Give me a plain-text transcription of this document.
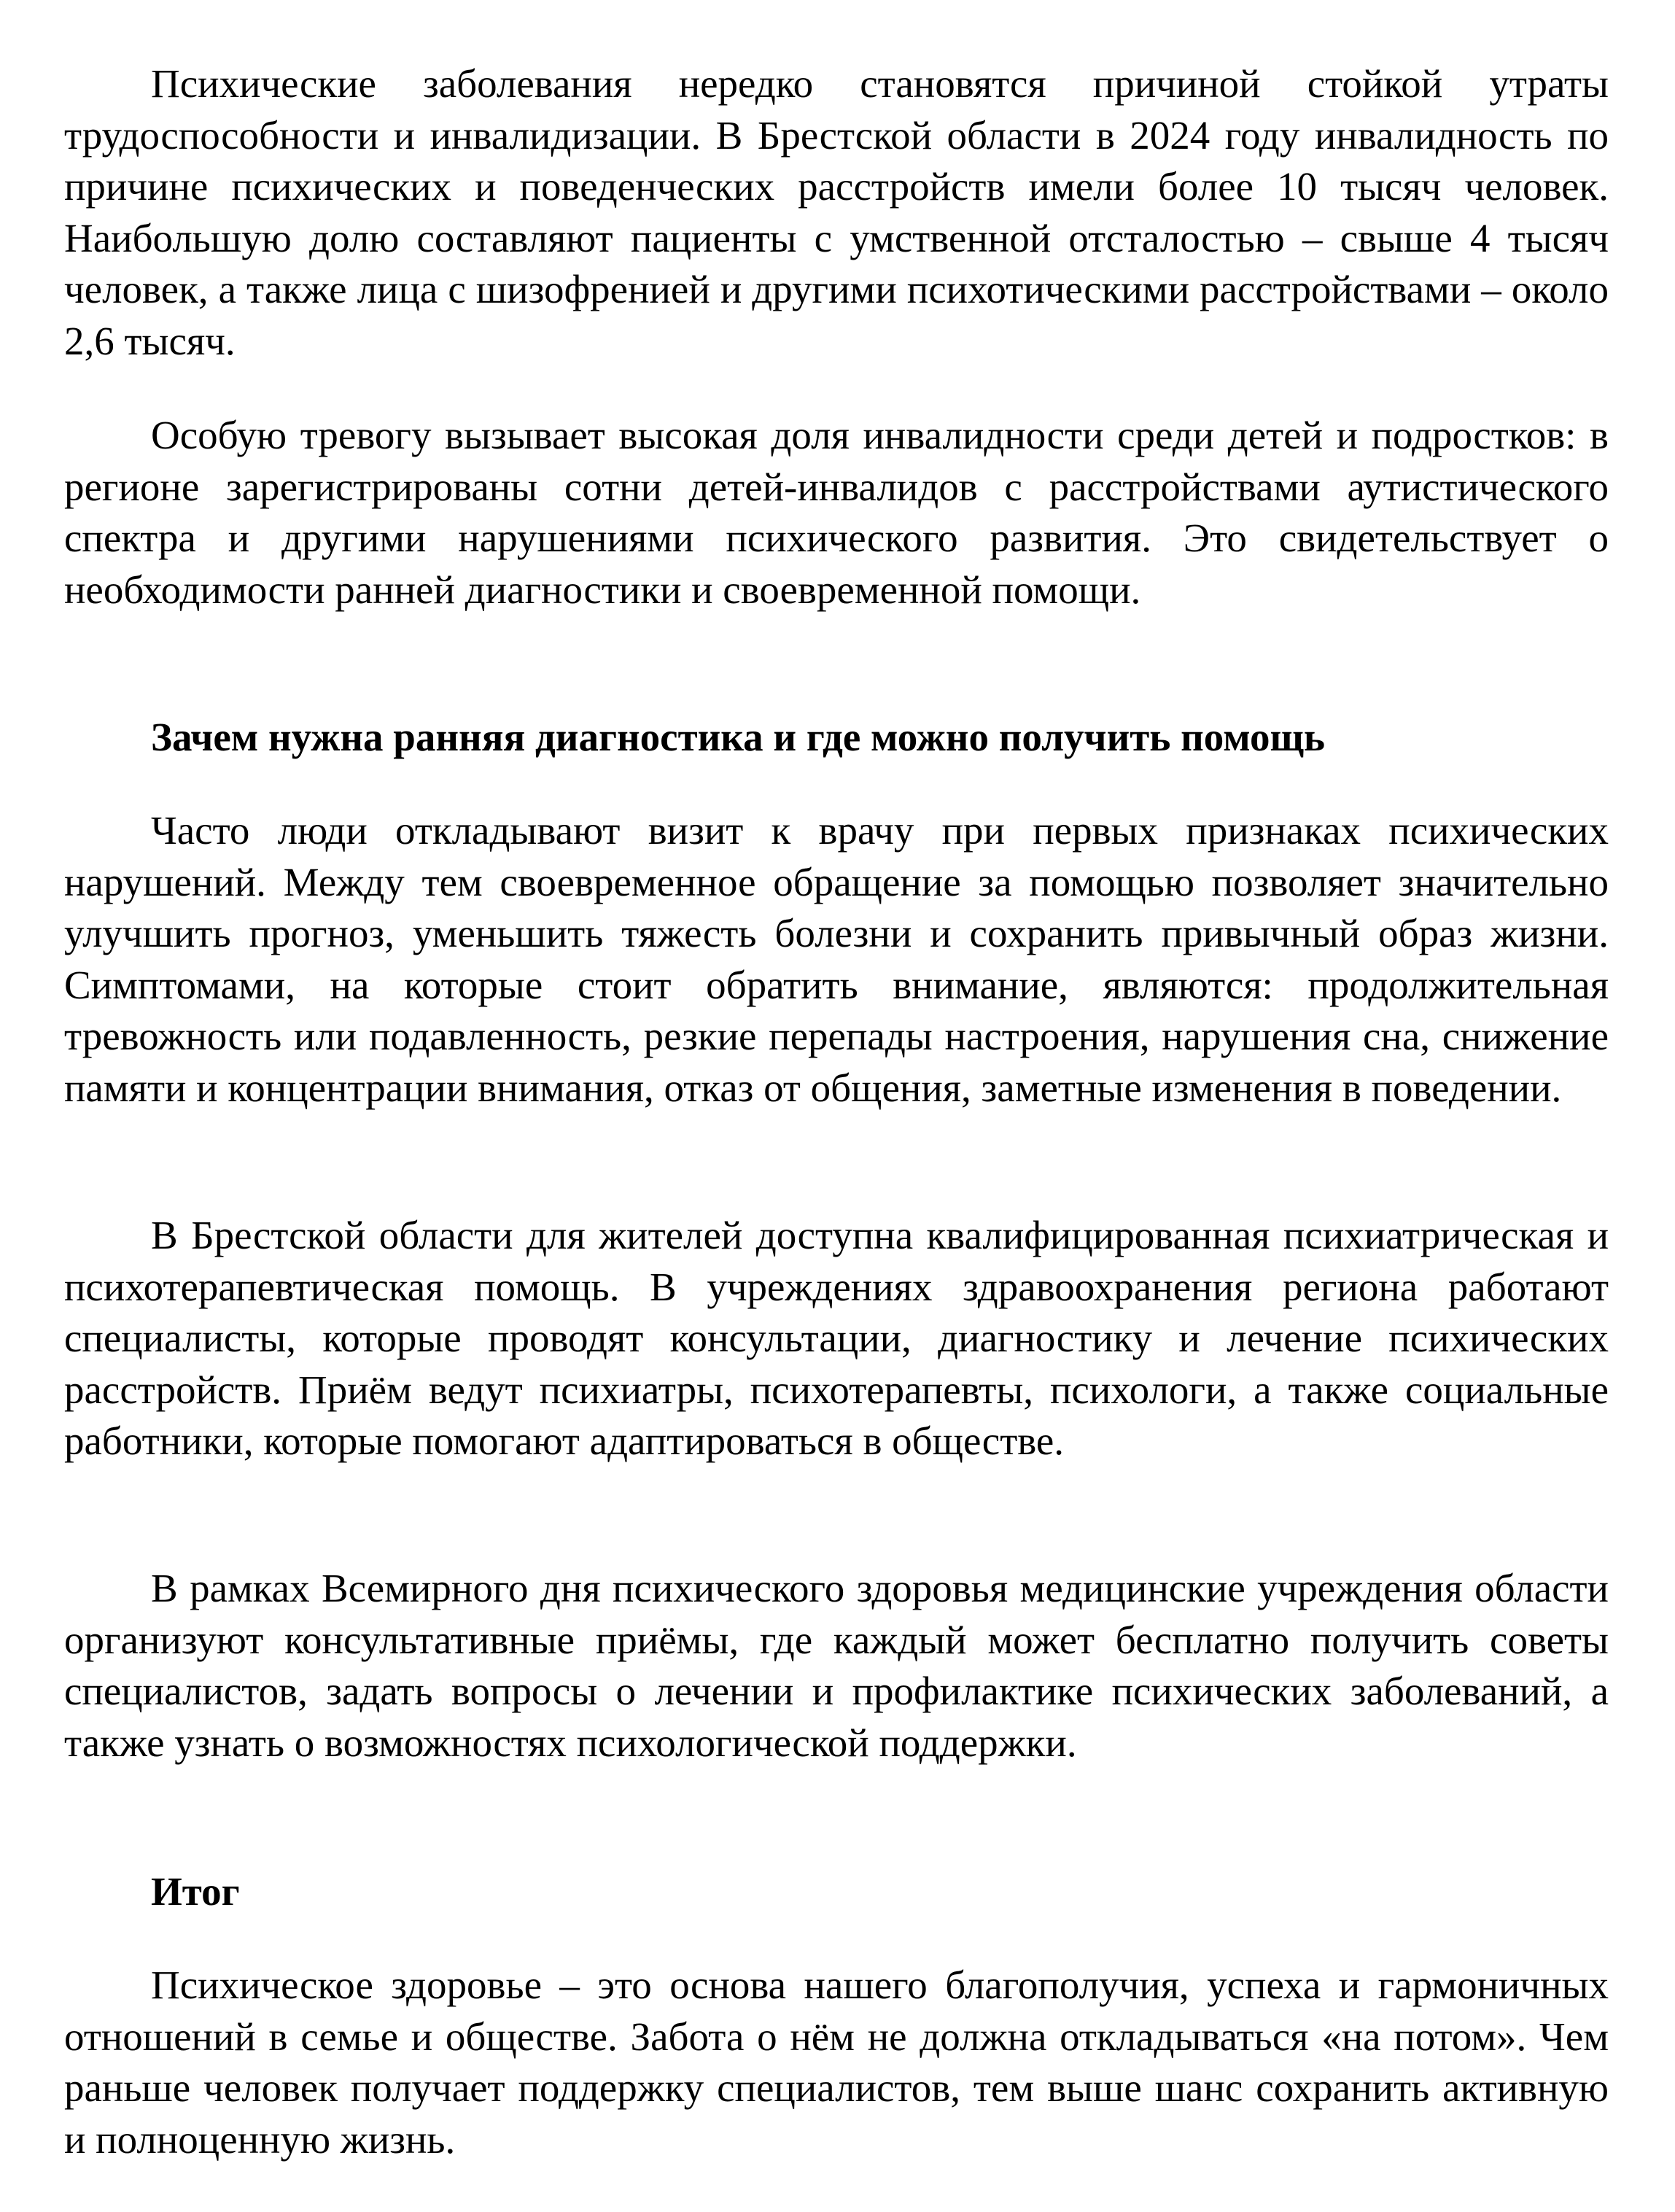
Психические заболевания нередко становятся причиной стойкой утраты трудоспособности и инвалидизации. В Брестской области в 2024 году инвалидность по причине психических и поведенческих расстройств имели более 10 тысяч человек. Наибольшую долю составляют пациенты с умственной отсталостью – свыше 4 тысяч человек, а также лица с шизофренией и другими психотическими расстройствами – около 2,6 тысяч.

Особую тревогу вызывает высокая доля инвалидности среди детей и подростков: в регионе зарегистрированы сотни детей-инвалидов с расстройствами аутистического спектра и другими нарушениями психического развития. Это свидетельствует о необходимости ранней диагностики и своевременной помощи.

Зачем нужна ранняя диагностика и где можно получить помощь

Часто люди откладывают визит к врачу при первых признаках психических нарушений. Между тем своевременное обращение за помощью позволяет значительно улучшить прогноз, уменьшить тяжесть болезни и сохранить привычный образ жизни. Симптомами, на которые стоит обратить внимание, являются: продолжительная тревожность или подавленность, резкие перепады настроения, нарушения сна, снижение памяти и концентрации внимания, отказ от общения, заметные изменения в поведении.

В Брестской области для жителей доступна квалифицированная психиатрическая и психотерапевтическая помощь. В учреждениях здравоохранения региона работают специалисты, которые проводят консультации, диагностику и лечение психических расстройств. Приём ведут психиатры, психотерапевты, психологи, а также социальные работники, которые помогают адаптироваться в обществе.

В рамках Всемирного дня психического здоровья медицинские учреждения области организуют консультативные приёмы, где каждый может бесплатно получить советы специалистов, задать вопросы о лечении и профилактике психических заболеваний, а также узнать о возможностях психологической поддержки.

Итог

Психическое здоровье – это основа нашего благополучия, успеха и гармоничных отношений в семье и обществе. Забота о нём не должна откладываться «на потом». Чем раньше человек получает поддержку специалистов, тем выше шанс сохранить активную и полноценную жизнь.
